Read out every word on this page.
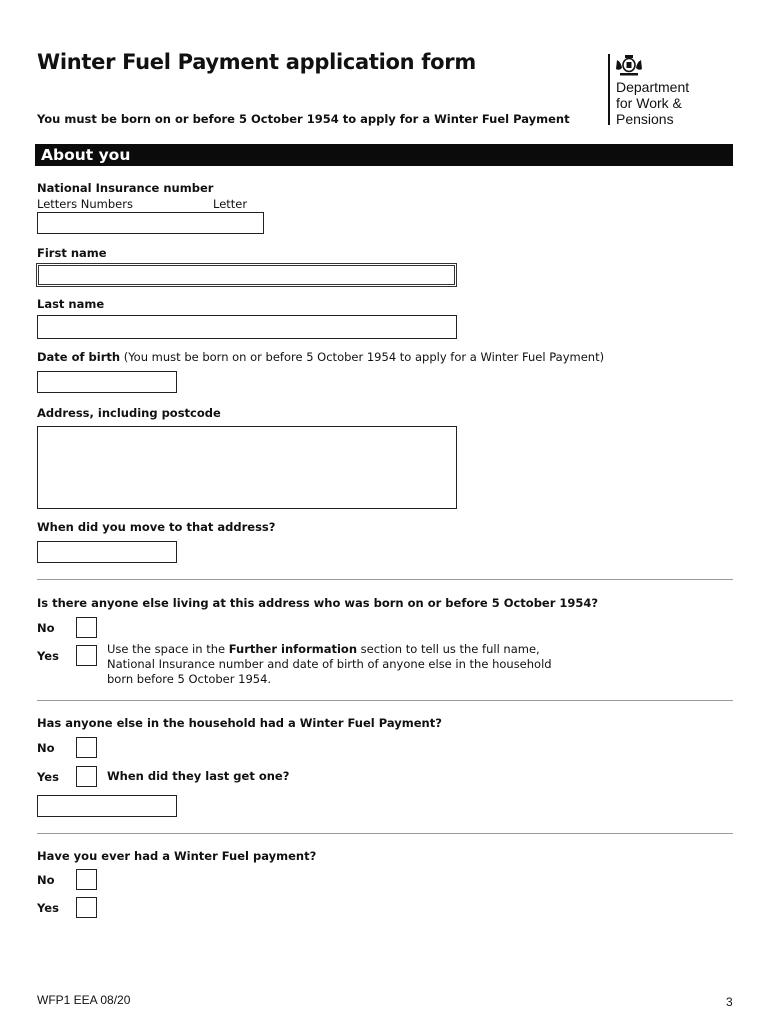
Winter Fuel Payment application form
You must be born on or before 5 October 1954 to apply for a Winter Fuel Payment
Department
for Work &
Pensions
About you
National Insurance number
Letters Numbers	Letter
First name
Last name
Date of birth (You must be born on or before 5 October 1954 to apply for a Winter Fuel Payment)
Address, including postcode
When did you move to that address?
Is there anyone else living at this address who was born on or before 5 October 1954?
No
Yes	Use the space in the Further information section to tell us the full name, National Insurance number and date of birth of anyone else in the household born before 5 October 1954.
Has anyone else in the household had a Winter Fuel Payment?
No
Yes	When did they last get one?
Have you ever had a Winter Fuel payment?
No
Yes
WFP1 EEA 08/20	3
